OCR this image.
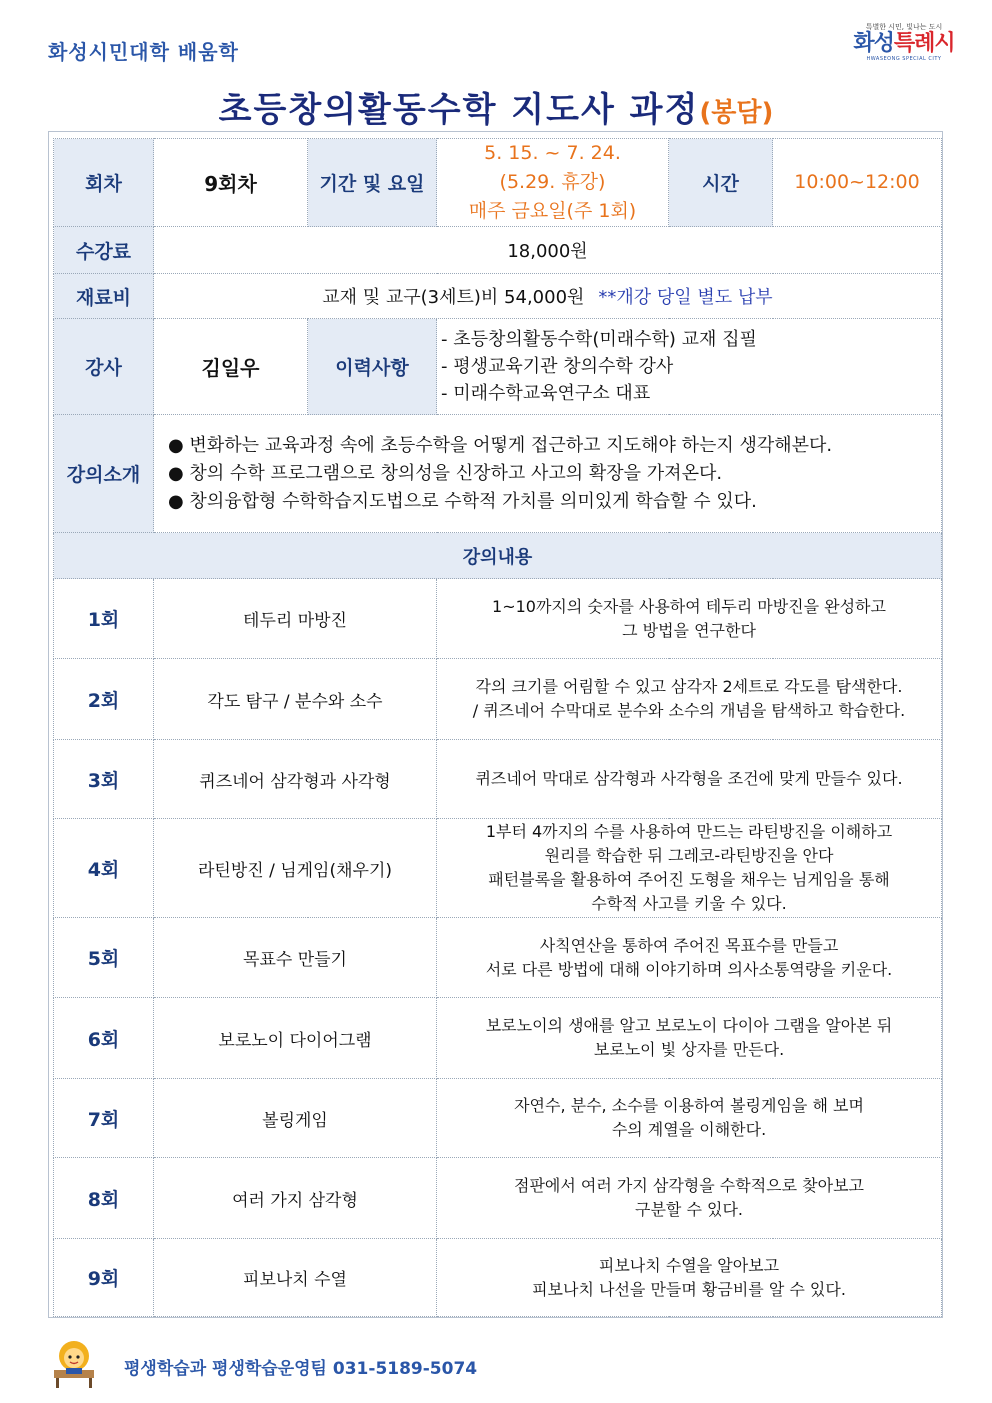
화성시민대학 배움학
특별한 시민, 빛나는 도시
화성특례시
HWASEONG SPECIAL CITY
초등창의활동수학 지도사 과정(봉담)
회차	9회차	기간 및 요일	5. 15. ~ 7. 24.
(5.29. 휴강)
매주 금요일(주 1회)	시간	10:00~12:00
수강료	18,000원				
재료비	교재 및 교구(3세트)비 54,000원 **개강 당일 별도 납부				
강사	김일우	이력사항	- 초등창의활동수학(미래수학) 교재 집필
- 평생교육기관 창의수학 강사
- 미래수학교육연구소 대표		

강의소개	● 변화하는 교육과정 속에 초등수학을 어떻게 접근하고 지도해야 하는지 생각해본다.
● 창의 수학 프로그램으로 창의성을 신장하고 사고의 확장을 가져온다.
● 창의융합형 수학학습지도법으로 수학적 가치를 의미있게 학습할 수 있다.				

강의내용					
1회	테두리 마방진		1~10까지의 숫자를 사용하여 테두리 마방진을 완성하고
그 방법을 연구한다		

2회	각도 탐구 / 분수와 소수		각의 크기를 어림할 수 있고 삼각자 2세트로 각도를 탐색한다.
/ 퀴즈네어 수막대로 분수와 소수의 개념을 탐색하고 학습한다.		

3회	퀴즈네어 삼각형과 사각형		퀴즈네어 막대로 삼각형과 사각형을 조건에 맞게 만들수 있다.		

4회	라틴방진 / 님게임(채우기)		1부터 4까지의 수를 사용하여 만드는 라틴방진을 이해하고
원리를 학습한 뒤 그레코-라틴방진을 안다
패턴블록을 활용하여 주어진 도형을 채우는 님게임을 통해
수학적 사고를 키울 수 있다.		

5회	목표수 만들기		사칙연산을 통하여 주어진 목표수를 만들고
서로 다른 방법에 대해 이야기하며 의사소통역량을 키운다.		

6회	보로노이 다이어그램		보로노이의 생애를 알고 보로노이 다이아 그램을 알아본 뒤
보로노이 빛 상자를 만든다.		

7회	볼링게임		자연수, 분수, 소수를 이용하여 볼링게임을 해 보며
수의 계열을 이해한다.		

8회	여러 가지 삼각형		점판에서 여러 가지 삼각형을 수학적으로 찾아보고
구분할 수 있다.		

9회	피보나치 수열		피보나치 수열을 알아보고
피보나치 나선을 만들며 황금비를 알 수 있다.		
평생학습과 평생학습운영팀 031-5189-5074
